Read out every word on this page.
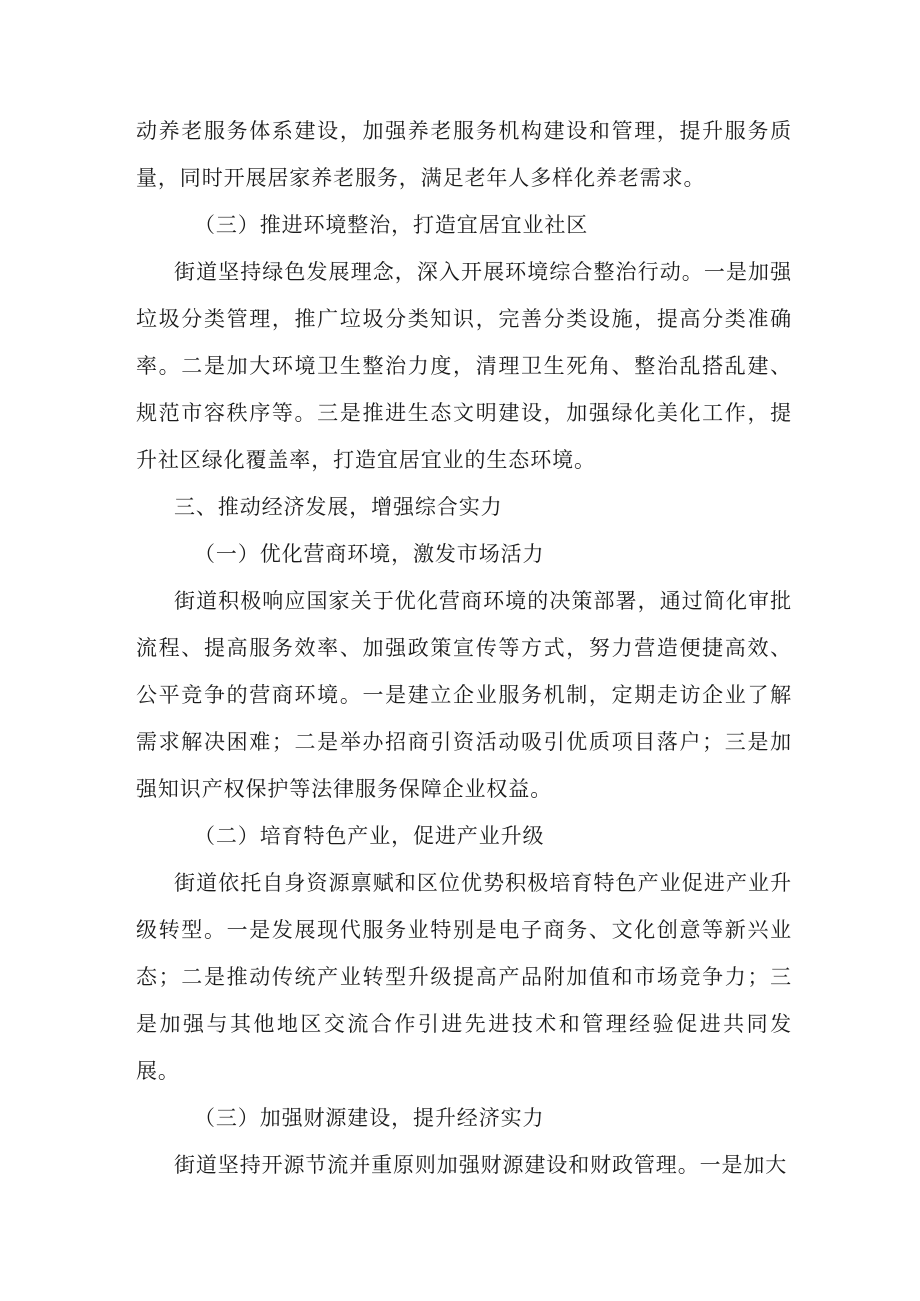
动养老服务体系建设，加强养老服务机构建设和管理，提升服务质量，同时开展居家养老服务，满足老年人多样化养老需求。

（三）推进环境整治，打造宜居宜业社区

街道坚持绿色发展理念，深入开展环境综合整治行动。一是加强垃圾分类管理，推广垃圾分类知识，完善分类设施，提高分类准确率。二是加大环境卫生整治力度，清理卫生死角、整治乱搭乱建、规范市容秩序等。三是推进生态文明建设，加强绿化美化工作，提升社区绿化覆盖率，打造宜居宜业的生态环境。

三、推动经济发展，增强综合实力

（一）优化营商环境，激发市场活力

街道积极响应国家关于优化营商环境的决策部署，通过简化审批流程、提高服务效率、加强政策宣传等方式，努力营造便捷高效、公平竞争的营商环境。一是建立企业服务机制，定期走访企业了解需求解决困难；二是举办招商引资活动吸引优质项目落户；三是加强知识产权保护等法律服务保障企业权益。

（二）培育特色产业，促进产业升级

街道依托自身资源禀赋和区位优势积极培育特色产业促进产业升级转型。一是发展现代服务业特别是电子商务、文化创意等新兴业态；二是推动传统产业转型升级提高产品附加值和市场竞争力；三是加强与其他地区交流合作引进先进技术和管理经验促进共同发展。

（三）加强财源建设，提升经济实力

街道坚持开源节流并重原则加强财源建设和财政管理。一是加大
